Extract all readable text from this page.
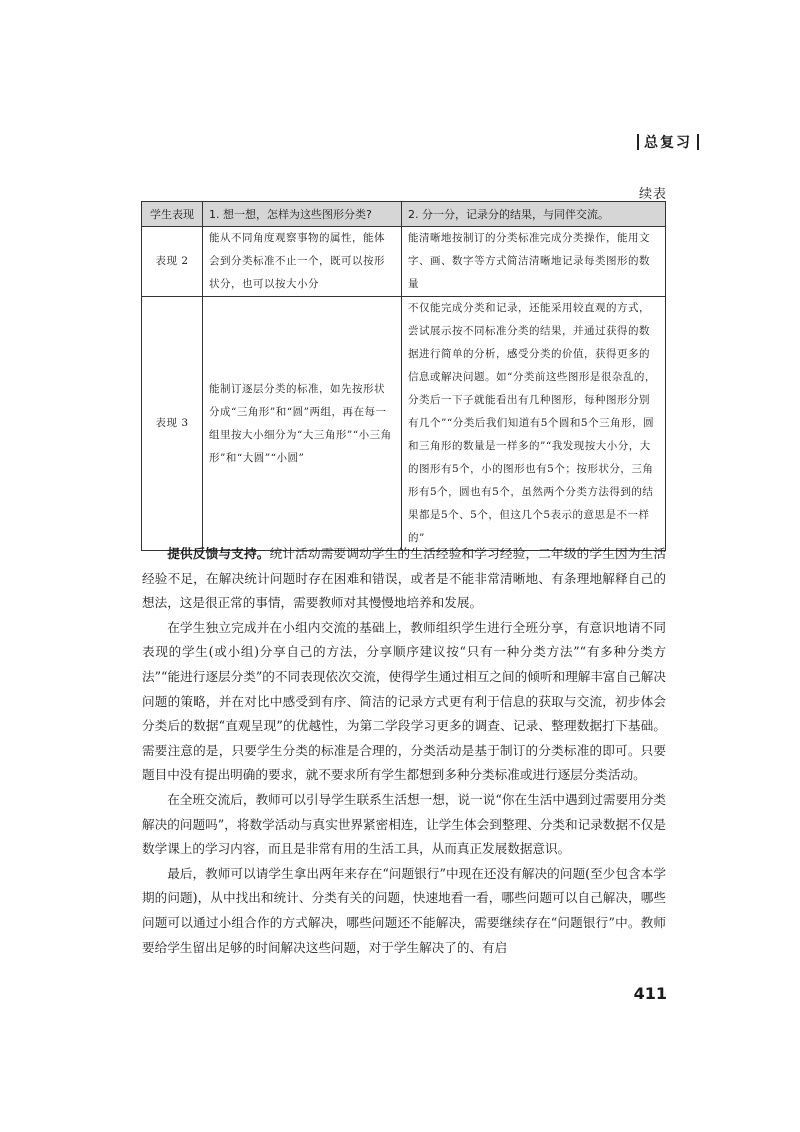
总复习
续表
学生表现	1. 想一想，怎样为这些图形分类?	2. 分一分，记录分的结果，与同伴交流。
表现 2	能从不同角度观察事物的属性，能体会到分类标准不止一个，既可以按形状分，也可以按大小分	能清晰地按制订的分类标准完成分类操作，能用文字、画、数字等方式简洁清晰地记录每类图形的数量
表现 3	能制订逐层分类的标准，如先按形状分成“三角形”和“圆”两组，再在每一组里按大小细分为“大三角形”“小三角形”和“大圆”“小圆”	不仅能完成分类和记录，还能采用较直观的方式，尝试展示按不同标准分类的结果，并通过获得的数据进行简单的分析，感受分类的价值，获得更多的信息或解决问题。如“分类前这些图形是很杂乱的，分类后一下子就能看出有几种图形，每种图形分别有几个”“分类后我们知道有5个圆和5个三角形，圆和三角形的数量是一样多的”“我发现按大小分，大的图形有5个，小的图形也有5个；按形状分，三角形有5个，圆也有5个，虽然两个分类方法得到的结果都是5个、5个，但这几个5表示的意思是不一样的”

提供反馈与支持。统计活动需要调动学生的生活经验和学习经验，二年级的学生因为生活经验不足，在解决统计问题时存在困难和错误，或者是不能非常清晰地、有条理地解释自己的想法，这是很正常的事情，需要教师对其慢慢地培养和发展。

在学生独立完成并在小组内交流的基础上，教师组织学生进行全班分享，有意识地请不同表现的学生(或小组)分享自己的方法，分享顺序建议按“只有一种分类方法”“有多种分类方法”“能进行逐层分类”的不同表现依次交流，使得学生通过相互之间的倾听和理解丰富自己解决问题的策略，并在对比中感受到有序、简洁的记录方式更有利于信息的获取与交流，初步体会分类后的数据“直观呈现”的优越性，为第二学段学习更多的调查、记录、整理数据打下基础。需要注意的是，只要学生分类的标准是合理的，分类活动是基于制订的分类标准的即可。只要题目中没有提出明确的要求，就不要求所有学生都想到多种分类标准或进行逐层分类活动。

在全班交流后，教师可以引导学生联系生活想一想，说一说“你在生活中遇到过需要用分类解决的问题吗”，将数学活动与真实世界紧密相连，让学生体会到整理、分类和记录数据不仅是数学课上的学习内容，而且是非常有用的生活工具，从而真正发展数据意识。

最后，教师可以请学生拿出两年来存在“问题银行”中现在还没有解决的问题(至少包含本学期的问题)，从中找出和统计、分类有关的问题，快速地看一看，哪些问题可以自己解决，哪些问题可以通过小组合作的方式解决，哪些问题还不能解决，需要继续存在“问题银行”中。教师要给学生留出足够的时间解决这些问题，对于学生解决了的、有启

411
